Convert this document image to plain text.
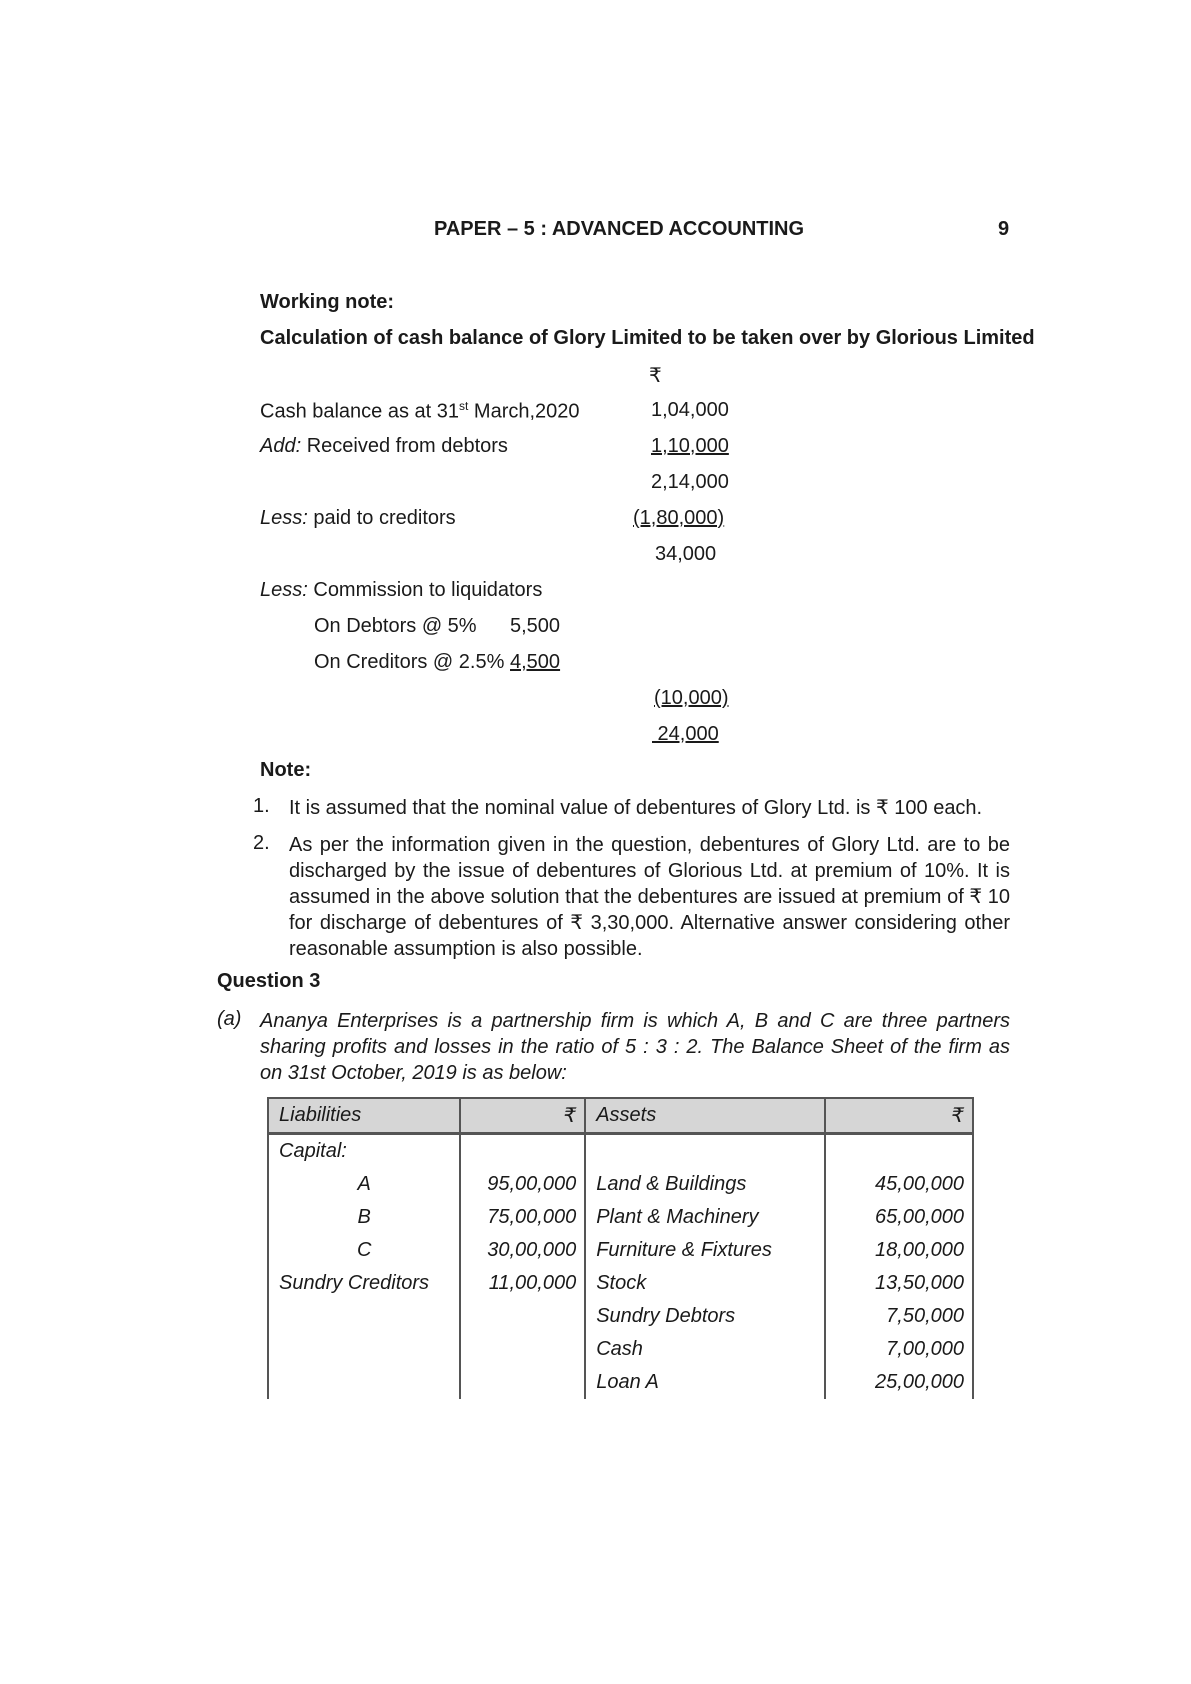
PAPER – 5 : ADVANCED ACCOUNTING	9
Working note:
Calculation of cash balance of Glory Limited to be taken over by Glorious Limited
₹
Cash balance as at 31st March,2020	1,04,000
Add: Received from debtors	1,10,000
2,14,000
Less: paid to creditors	(1,80,000)
34,000
Less: Commission to liquidators
On Debtors @ 5% 5,500
On Creditors @ 2.5% 4,500
(10,000)
24,000
Note:
1. It is assumed that the nominal value of debentures of Glory Ltd. is ₹ 100 each.
2. As per the information given in the question, debentures of Glory Ltd. are to be discharged by the issue of debentures of Glorious Ltd. at premium of 10%. It is assumed in the above solution that the debentures are issued at premium of ₹ 10 for discharge of debentures of ₹ 3,30,000. Alternative answer considering other reasonable assumption is also possible.
Question 3
(a) Ananya Enterprises is a partnership firm is which A, B and C are three partners sharing profits and losses in the ratio of 5 : 3 : 2. The Balance Sheet of the firm as on 31st October, 2019 is as below:
Liabilities	₹	Assets	₹
Capital:			
A	95,00,000	Land & Buildings	45,00,000
B	75,00,000	Plant & Machinery	65,00,000
C	30,00,000	Furniture & Fixtures	18,00,000
Sundry Creditors	11,00,000	Stock	13,50,000
		Sundry Debtors	7,50,000
		Cash	7,00,000
		Loan A	25,00,000
